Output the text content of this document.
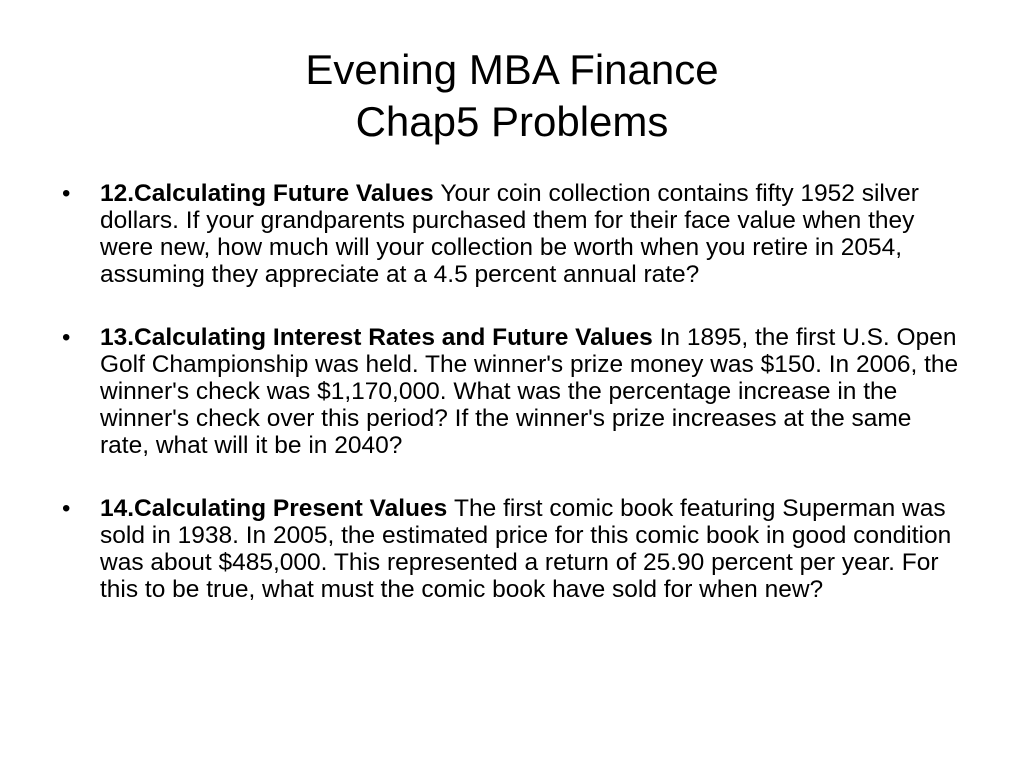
Evening MBA Finance
Chap5 Problems
• 12.Calculating Future Values Your coin collection contains fifty 1952 silver dollars. If your grandparents purchased them for their face value when they were new, how much will your collection be worth when you retire in 2054, assuming they appreciate at a 4.5 percent annual rate?
• 13.Calculating Interest Rates and Future Values In 1895, the first U.S. Open Golf Championship was held. The winner's prize money was $150. In 2006, the winner's check was $1,170,000. What was the percentage increase in the winner's check over this period? If the winner's prize increases at the same rate, what will it be in 2040?
• 14.Calculating Present Values The first comic book featuring Superman was sold in 1938. In 2005, the estimated price for this comic book in good condition was about $485,000. This represented a return of 25.90 percent per year. For this to be true, what must the comic book have sold for when new?
